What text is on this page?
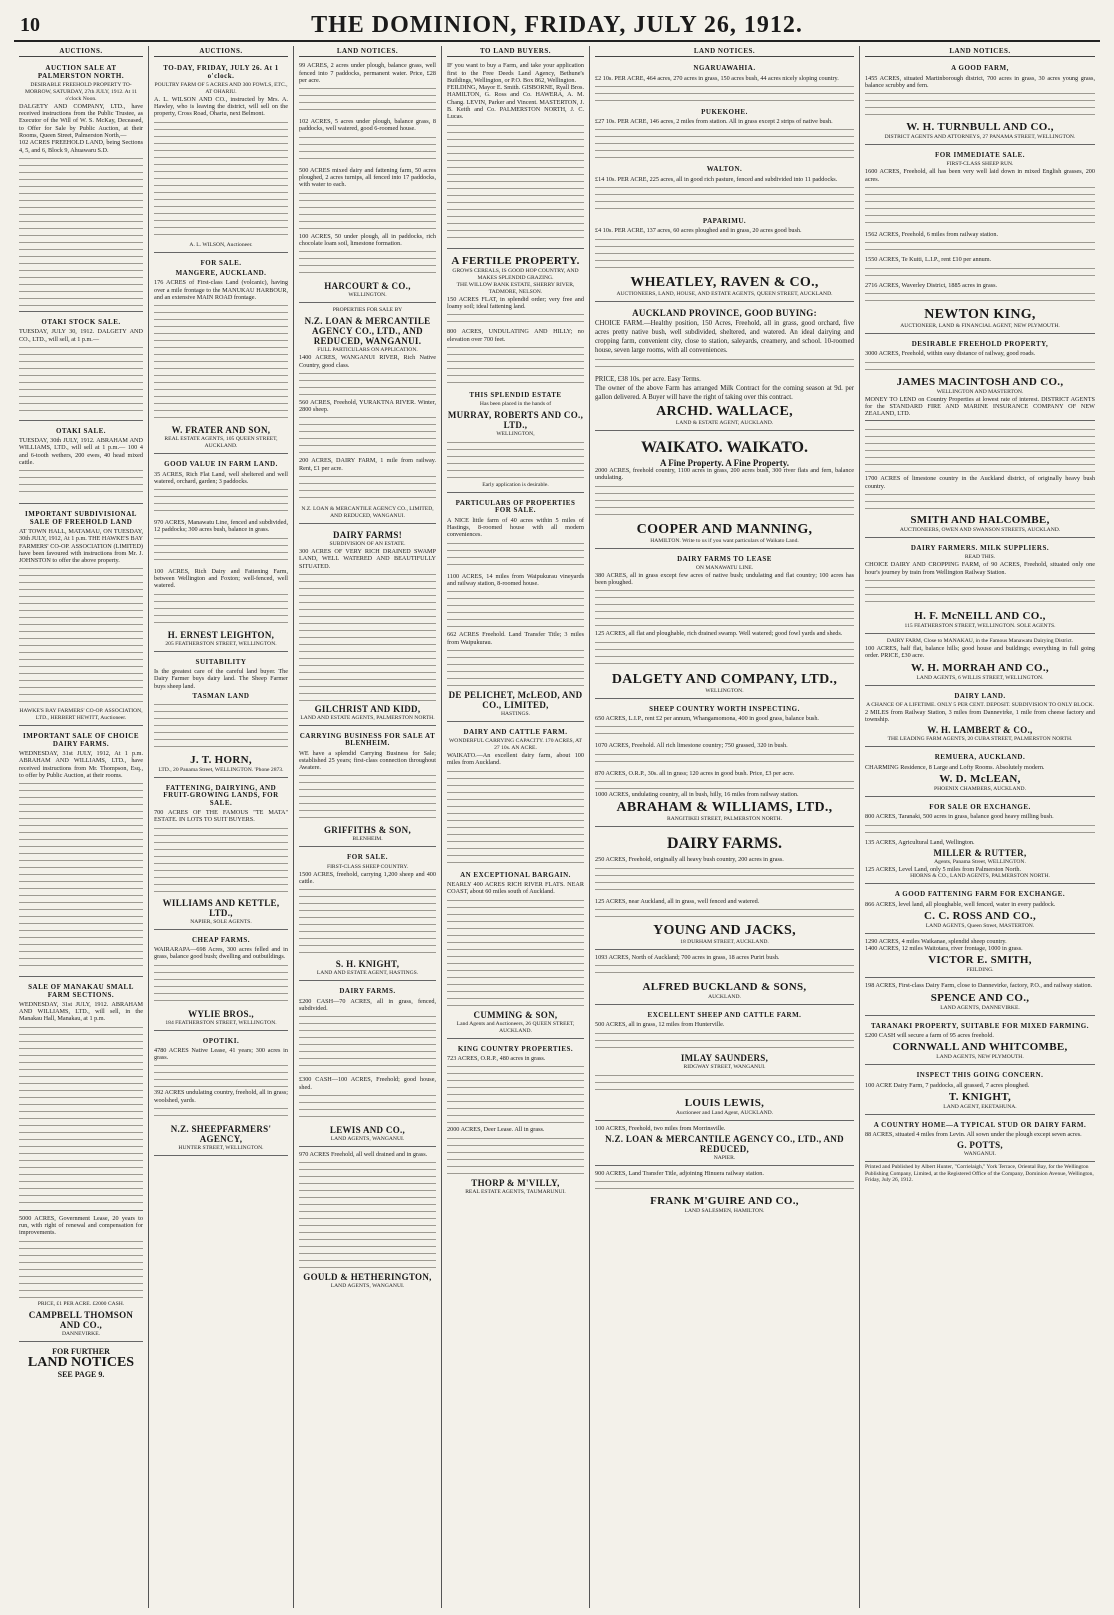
10	THE DOMINION, FRIDAY, JULY 26, 1912.
AUCTIONS.
AUCTION SALE AT PALMERSTON NORTH.
DESIRABLE FREEHOLD PROPERTY TO-MORROW, SATURDAY, 27th JULY, 1912. At 11 o'clock Noon.

DALGETY AND COMPANY, LTD., have received instructions from the Public Trustee, as Executor of the Will of W. S. McKay, Deceased, to Offer for Sale by Public Auction, at their Rooms, Queen Street, Palmerston North,—

102 ACRES FREEHOLD LAND, being Sections 4, 5, and 6, Block 9, Ahuawaru S.D.

OTAKI STOCK SALE.

TUESDAY, JULY 30, 1912. DALGETY AND CO., LTD., will sell, at 1 p.m.—

OTAKI SALE.

TUESDAY, 30th JULY, 1912. ABRAHAM AND WILLIAMS, LTD., will sell at 1 p.m.— 100 4 and 6-tooth wethers, 200 ewes, 40 head mixed cattle.

IMPORTANT SUBDIVISIONAL SALE OF FREEHOLD LAND

AT TOWN HALL, MATAMAU, ON TUESDAY, 30th JULY, 1912, At 1 p.m. THE HAWKE'S BAY FARMERS' CO-OP. ASSOCIATION (LIMITED) have been favoured with instructions from Mr. J. JOHNSTON to offer the above property.

HAWKE'S BAY FARMERS' CO-OP. ASSOCIATION, LTD., HERBERT HEWITT, Auctioneer.
IMPORTANT SALE OF CHOICE DAIRY FARMS.

WEDNESDAY, 31st JULY, 1912, At 1 p.m. ABRAHAM AND WILLIAMS, LTD., have received instructions from Mr. Thompson, Esq., to offer by Public Auction, at their rooms.

SALE OF MANAKAU SMALL FARM SECTIONS.

WEDNESDAY, 31st JULY, 1912. ABRAHAM AND WILLIAMS, LTD., will sell, in the Manakau Hall, Manakau, at 1 p.m.

5000 ACRES, Government Lease, 20 years to run, with right of renewal and compensation for improvements.

PRICE, £1 PER ACRE. £2000 CASH.
CAMPBELL THOMSON AND CO.,
DANNEVIRKE.
FOR FURTHER
LAND NOTICES
SEE PAGE 9.
AUCTIONS.
TO-DAY, FRIDAY, JULY 26. At 1 o'clock.
POULTRY FARM OF 5 ACRES AND 300 FOWLS, ETC., AT OHARIU.

A. L. WILSON AND CO., instructed by Mrs. A. Hawley, who is leaving the district, will sell on the property, Cross Road, Ohariu, next Belmont.

A. L. WILSON, Auctioneer.
FOR SALE.
MANGERE, AUCKLAND.

176 ACRES of First-class Land (volcanic), having over a mile frontage to the MANUKAU HARBOUR, and an extensive MAIN ROAD frontage.

W. FRATER AND SON,
REAL ESTATE AGENTS, 105 QUEEN STREET, AUCKLAND.
GOOD VALUE IN FARM LAND.

35 ACRES, Rich Flat Land, well sheltered and well watered, orchard, garden; 3 paddocks.

970 ACRES, Manawatu Line, fenced and subdivided, 12 paddocks; 300 acres bush, balance in grass.

100 ACRES, Rich Dairy and Fattening Farm, between Wellington and Foxton; well-fenced, well watered.

H. ERNEST LEIGHTON,
205 FEATHERSTON STREET, WELLINGTON.
SUITABILITY

Is the greatest care of the careful land buyer. The Dairy Farmer buys dairy land. The Sheep Farmer buys sheep land.

TASMAN LAND
J. T. HORN,
LTD., 20 Panama Street, WELLINGTON. 'Phone 2873.
FATTENING, DAIRYING, AND FRUIT-GROWING LANDS, FOR SALE.

700 ACRES OF THE FAMOUS "TE MATA" ESTATE. IN LOTS TO SUIT BUYERS.

WILLIAMS AND KETTLE, LTD.,
NAPIER, SOLE AGENTS.
CHEAP FARMS.

WAIRARAPA—698 Acres, 300 acres felled and in grass, balance good bush; dwelling and outbuildings.

WYLIE BROS.,
184 FEATHERSTON STREET, WELLINGTON.
OPOTIKI.

4780 ACRES Native Lease, 41 years; 300 acres in grass.

392 ACRES undulating country, freehold, all in grass; woolshed, yards.

N.Z. SHEEPFARMERS' AGENCY,
HUNTER STREET, WELLINGTON.
LAND NOTICES.

99 ACRES, 2 acres under plough, balance grass, well fenced into 7 paddocks, permanent water. Price, £28 per acre.

102 ACRES, 5 acres under plough, balance grass, 8 paddocks, well watered, good 6-roomed house.

500 ACRES mixed dairy and fattening farm, 50 acres ploughed, 2 acres turnips, all fenced into 17 paddocks, with water to each.

100 ACRES, 50 under plough, all in paddocks, rich chocolate loam soil, limestone formation.

HARCOURT & CO.,
WELLINGTON.
PROPERTIES FOR SALE BY
N.Z. LOAN & MERCANTILE AGENCY CO., LTD., AND REDUCED, WANGANUI.
FULL PARTICULARS ON APPLICATION.

1400 ACRES, WANGANUI RIVER, Rich Native Country, good class.

560 ACRES, Freehold, YURAKTNA RIVER. Winter, 2800 sheep.

200 ACRES, DAIRY FARM, 1 mile from railway. Rent, £1 per acre.

N.Z. LOAN & MERCANTILE AGENCY CO., LIMITED, AND REDUCED, WANGANUI.
DAIRY FARMS!
SUBDIVISION OF AN ESTATE.

300 ACRES OF VERY RICH DRAINED SWAMP LAND, WELL WATERED AND BEAUTIFULLY SITUATED.

GILCHRIST AND KIDD,
LAND AND ESTATE AGENTS, PALMERSTON NORTH.
CARRYING BUSINESS FOR SALE AT BLENHEIM.

WE have a splendid Carrying Business for Sale; established 25 years; first-class connection throughout Awatere.

GRIFFITHS & SON,
BLENHEIM.
FOR SALE.
FIRST-CLASS SHEEP COUNTRY.

1500 ACRES, freehold, carrying 1,200 sheep and 400 cattle.

S. H. KNIGHT,
LAND AND ESTATE AGENT, HASTINGS.
DAIRY FARMS.

£200 CASH—70 ACRES, all in grass, fenced, subdivided.

£300 CASH—100 ACRES, Freehold; good house, shed.

LEWIS AND CO.,
LAND AGENTS, WANGANUI.

970 ACRES Freehold, all well drained and in grass.

GOULD & HETHERINGTON,
LAND AGENTS, WANGANUI.
TO LAND BUYERS.

IF you want to buy a Farm, and take your application first to the Free Deeds Land Agency, Bethune's Buildings, Wellington, or P.O. Box 862, Wellington.

FEILDING, Mayor E. Smith. GISBORNE, Ryall Bros. HAMILTON, G. Ross and Co. HAWERA, A. M. Chang. LEVIN, Parker and Vincent. MASTERTON, J. B. Keith and Co. PALMERSTON NORTH, J. C. Lucas.

A FERTILE PROPERTY.
GROWS CEREALS, IS GOOD HOP COUNTRY, AND MAKES SPLENDID GRAZING.
THE WILLOW BANK ESTATE, SHERRY RIVER, TADMORE, NELSON.

150 ACRES FLAT, in splendid order; very free and loamy soil; ideal fattening land.

800 ACRES, UNDULATING AND HILLY; no elevation over 700 feet.

THIS SPLENDID ESTATE
Has been placed in the hands of
MURRAY, ROBERTS AND CO., LTD.,
WELLINGTON,
Early application is desirable.
PARTICULARS OF PROPERTIES FOR SALE.

A NICE little farm of 40 acres within 5 miles of Hastings, 8-roomed house with all modern conveniences.

1100 ACRES, 14 miles from Waipukurau vineyards and railway station, 8-roomed house.

662 ACRES Freehold. Land Transfer Title; 3 miles from Waipukurau.

DE PELICHET, McLEOD, AND CO., LIMITED,
HASTINGS.
DAIRY AND CATTLE FARM.
WONDERFUL CARRYING CAPACITY. 170 ACRES, AT 27 10s. AN ACRE.

WAIKATO.—An excellent dairy farm, about 100 miles from Auckland.

AN EXCEPTIONAL BARGAIN.

NEARLY 400 ACRES RICH RIVER FLATS. NEAR COAST, about 60 miles south of Auckland.

CUMMING & SON,
Land Agents and Auctioneers, 26 QUEEN STREET, AUCKLAND.
KING COUNTRY PROPERTIES.

723 ACRES, O.R.P., 480 acres in grass.

2000 ACRES, Deer Lease. All in grass.

THORP & M'VILLY,
REAL ESTATE AGENTS, TAUMARUNUI.
LAND NOTICES.
NGARUAWAHIA.

£2 10s. PER ACRE, 464 acres, 270 acres in grass, 150 acres bush, 44 acres nicely sloping country.

PUKEKOHE.

£27 10s. PER ACRE, 146 acres, 2 miles from station. All in grass except 2 strips of native bush.

WALTON.

£14 10s. PER ACRE, 225 acres, all in good rich pasture, fenced and subdivided into 11 paddocks.

PAPARIMU.

£4 10s. PER ACRE, 137 acres, 60 acres ploughed and in grass, 20 acres good bush.

WHEATLEY, RAVEN & CO.,
AUCTIONEERS, LAND, HOUSE, AND ESTATE AGENTS, QUEEN STREET, AUCKLAND.
AUCKLAND PROVINCE, GOOD BUYING:

CHOICE FARM.—Healthy position, 150 Acres, Freehold, all in grass, good orchard, five acres pretty native bush, well subdivided, sheltered, and watered. An ideal dairying and cropping farm, convenient city, close to station, saleyards, creamery, and school. 10-roomed house, seven large rooms, with all conveniences.

PRICE, £38 10s. per acre. Easy Terms.

The owner of the above Farm has arranged Milk Contract for the coming season at 9d. per gallon delivered. A Buyer will have the right of taking over this contract.

ARCHD. WALLACE,
LAND & ESTATE AGENT, AUCKLAND.
WAIKATO. WAIKATO.
A Fine Property. A Fine Property.

2000 ACRES, freehold country, 1100 acres in grass, 200 acres bush, 300 river flats and fern, balance undulating.

COOPER AND MANNING,
HAMILTON. Write to us if you want particulars of Waikato Land.
DAIRY FARMS TO LEASE
ON MANAWATU LINE.

380 ACRES, all in grass except few acres of native bush; undulating and flat country; 100 acres has been ploughed.

125 ACRES, all flat and ploughable, rich drained swamp. Well watered; good fowl yards and sheds.

DALGETY AND COMPANY, LTD.,
WELLINGTON.
SHEEP COUNTRY WORTH INSPECTING.

650 ACRES, L.I.P., rent £2 per annum, Whangamomona, 400 in good grass, balance bush.

1070 ACRES, Freehold. All rich limestone country; 750 grassed, 320 in bush.

870 ACRES, O.R.P., 30s. all in grass; 120 acres in good bush. Price, £3 per acre.

1000 ACRES, undulating country, all in bush, hilly, 16 miles from railway station.

ABRAHAM & WILLIAMS, LTD.,
RANGITIKEI STREET, PALMERSTON NORTH.
DAIRY FARMS.

250 ACRES, Freehold, originally all heavy bush country, 200 acres in grass.

125 ACRES, near Auckland, all in grass, well fenced and watered.

YOUNG AND JACKS,
18 DURHAM STREET, AUCKLAND.

1093 ACRES, North of Auckland; 700 acres in grass, 18 acres Puriri bush.

ALFRED BUCKLAND & SONS,
AUCKLAND.
EXCELLENT SHEEP AND CATTLE FARM.

500 ACRES, all in grass, 12 miles from Hunterville.

IMLAY SAUNDERS,
RIDGWAY STREET, WANGANUI.
LOUIS LEWIS,
Auctioneer and Land Agent, AUCKLAND.

100 ACRES, Freehold, two miles from Morrinsville.

N.Z. LOAN & MERCANTILE AGENCY CO., LTD., AND REDUCED,
NAPIER.

900 ACRES, Land Transfer Title, adjoining Hinuera railway station.

FRANK M'GUIRE AND CO.,
LAND SALESMEN, HAMILTON.
LAND NOTICES.
A GOOD FARM,

1455 ACRES, situated Martinborough district, 700 acres in grass, 30 acres young grass, balance scrubby and fern.

W. H. TURNBULL AND CO.,
DISTRICT AGENTS AND ATTORNEYS, 27 PANAMA STREET, WELLINGTON.
FOR IMMEDIATE SALE.
FIRST-CLASS SHEEP RUN.

1600 ACRES, Freehold, all has been very well laid down in mixed English grasses, 200 acres.

1562 ACRES, Freehold, 6 miles from railway station.

1550 ACRES, Te Kuiti, L.I.P., rent £10 per annum.

2716 ACRES, Waverley District, 1885 acres in grass.

NEWTON KING,
AUCTIONEER, LAND & FINANCIAL AGENT, NEW PLYMOUTH.
DESIRABLE FREEHOLD PROPERTY,

3000 ACRES, Freehold, within easy distance of railway, good roads.

JAMES MACINTOSH AND CO.,
WELLINGTON AND MASTERTON.

MONEY TO LEND on Country Properties at lowest rate of interest. DISTRICT AGENTS for the STANDARD FIRE AND MARINE INSURANCE COMPANY OF NEW ZEALAND, LTD.

1700 ACRES of limestone country in the Auckland district, of originally heavy bush country.

SMITH AND HALCOMBE,
AUCTIONEERS, OWEN AND SWANSON STREETS, AUCKLAND.
DAIRY FARMERS. MILK SUPPLIERS.
READ THIS.

CHOICE DAIRY AND CROPPING FARM, of 90 ACRES, Freehold, situated only one hour's journey by train from Wellington Railway Station.

H. F. McNEILL AND CO.,
115 FEATHERSTON STREET, WELLINGTON. SOLE AGENTS.
DAIRY FARM, Close to MANAKAU, in the Famous Manawatu Dairying District.

100 ACRES, half flat, balance hills; good house and buildings; everything in full going order. PRICE, £30 acre.

W. H. MORRAH AND CO.,
LAND AGENTS, 6 WILLIS STREET, WELLINGTON.
DAIRY LAND.
A CHANCE OF A LIFETIME. ONLY 5 PER CENT. DEPOSIT. SUBDIVISION TO ONLY BLOCK.

2 MILES from Railway Station, 3 miles from Dannevirke, 1 mile from cheese factory and township.

W. H. LAMBERT & CO.,
THE LEADING FARM AGENTS, 20 CUBA STREET, PALMERSTON NORTH.
REMUERA, AUCKLAND.

CHARMING Residence, 8 Large and Lofty Rooms. Absolutely modern.

W. D. McLEAN,
PHOENIX CHAMBERS, AUCKLAND.
FOR SALE OR EXCHANGE.

800 ACRES, Taranaki, 500 acres in grass, balance good heavy milling bush.

135 ACRES, Agricultural Land, Wellington.

MILLER & RUTTER,
Agents, Panama Street, WELLINGTON.

125 ACRES, Level Land, only 5 miles from Palmerston North.

HIORNS & CO., LAND AGENTS, PALMERSTON NORTH.
A GOOD FATTENING FARM FOR EXCHANGE.

866 ACRES, level land, all ploughable, well fenced, water in every paddock.

C. C. ROSS AND CO.,
LAND AGENTS, Queen Street, MASTERTON.

1290 ACRES, 4 miles Waikanae, splendid sheep country.

1400 ACRES, 12 miles Waitotara, river frontage, 1000 in grass.

VICTOR E. SMITH,
FEILDING.

198 ACRES, First-class Dairy Farm, close to Dannevirke, factory, P.O., and railway station.

SPENCE AND CO.,
LAND AGENTS, DANNEVIRKE.
TARANAKI PROPERTY, SUITABLE FOR MIXED FARMING.

£200 CASH will secure a farm of 95 acres freehold.

CORNWALL AND WHITCOMBE,
LAND AGENTS, NEW PLYMOUTH.
INSPECT THIS GOING CONCERN.

100 ACRE Dairy Farm, 7 paddocks, all grassed, 7 acres ploughed.

T. KNIGHT,
LAND AGENT, EKETAHUNA.
A COUNTRY HOME—A TYPICAL STUD OR DAIRY FARM.

88 ACRES, situated 4 miles from Levin. All sown under the plough except seven acres.

G. POTTS,
WANGANUI.

Printed and Published by Albert Hunter, "Corrielaigh," York Terrace, Oriental Bay, for the Wellington Publishing Company, Limited, at the Registered Office of the Company, Dominion Avenue, Wellington, Friday, July 26, 1912.
